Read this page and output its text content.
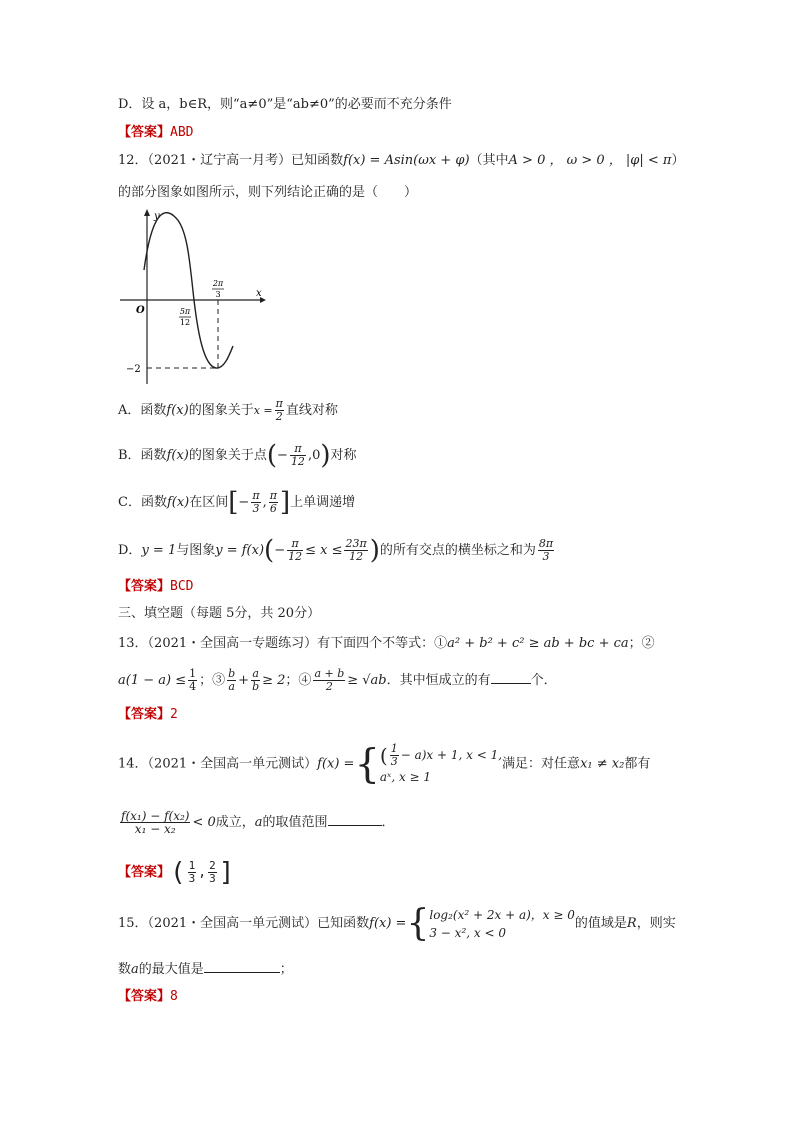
D．设 a，b∈R，则“a≠0”是“ab≠0”的必要而不充分条件
【答案】ABD
12．（2021・辽宁高一月考）已知函数f(x) = Asin(ωx + φ)（其中A > 0 ， ω > 0 ， |φ| < π）
的部分图象如图所示，则下列结论正确的是（　　）
y
x
O	5π
12
2π
3
−2
A．函数f(x)的图象关于$x = \frac{\pi}{2}$ 直线对称
B．函数f(x)的图象关于点(− $\frac{\pi}{12} ,0$)对称
C．函数f(x)在区间[− $\frac{\pi}{3}$ , $\frac{\pi}{6}$ ]上单调递增
D．y = 1与图象$y = f(x)(- \frac{\pi}{12} \le x \le \frac{23\pi}{12}$ )的所有交点的横坐标之和为 $\frac{8\pi}{3}$
【答案】BCD
三、填空题（每题 5分，共 20分）
13．（2021・全国高一专题练习）有下面四个不等式：①a² + b² + c² ≥ ab + bc + ca；②
$a(1 - a) \le \frac{1}{4}$ ；③ $\frac{b}{a} + \frac{a}{b} \ge 2$；④ $\frac{a + b}{2} \ge √ab$．其中恒成立的有	个．
【答案】2
14．（2021・全国高一单元测试）f(x) ={ ( $\frac{1}{3} - a)x + 1$, x < 1,
aˣ, x ≥ 1
满足：对任意x₁ ≠ x₂都有
$\frac{\text{f(x₁) − f(x₂)}}{\text{x₁ − x₂}} < 0$成立，a的取值范围	．
【答案】( $\frac{1}{3}$ , $\frac{2}{3}$ ]
15．（2021・全国高一单元测试）已知函数f(x) ={ log₂(x² + 2x + a)，x ≥ 0
3 − x², x < 0
的值域是R，则实
数a的最大值是	；
【答案】8
